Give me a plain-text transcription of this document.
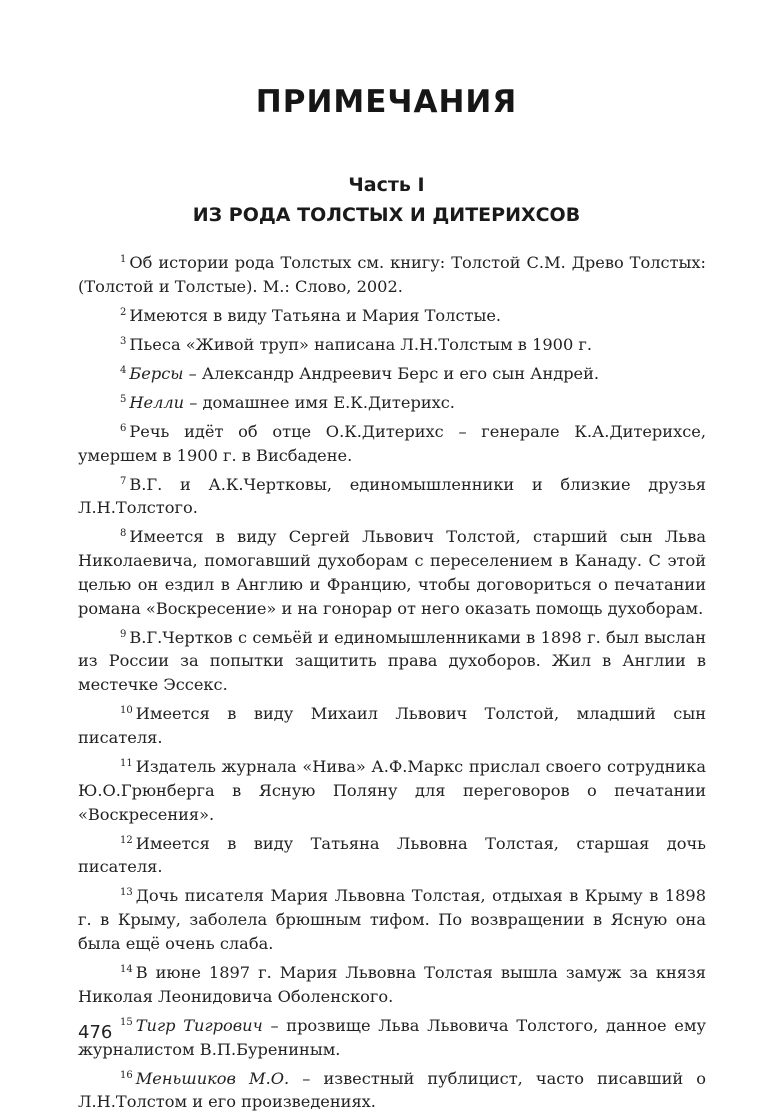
ПРИМЕЧАНИЯ
Часть I
ИЗ РОДА ТОЛСТЫХ И ДИТЕРИХСОВ

$^1$ Об истории рода Толстых см. книгу: Толстой С.М. Древо Толстых: (Толстой и Толстые). М.: Слово, 2002.

$^2$ Имеются в виду Татьяна и Мария Толстые.

$^3$ Пьеса «Живой труп» написана Л.Н.Толстым в 1900 г.

$^4$ Берсы – Александр Андреевич Берс и его сын Андрей.

$^5$ Нелли – домашнее имя Е.К.Дитерихс.

$^6$ Речь идёт об отце О.К.Дитерихс – генерале К.А.Дитерихсе, умершем в 1900 г. в Висбадене.

$^7$ В.Г. и А.К.Чертковы, единомышленники и близкие друзья Л.Н.Толстого.

$^8$ Имеется в виду Сергей Львович Толстой, старший сын Льва Николаевича, помогавший духоборам с переселением в Канаду. С этой целью он ездил в Англию и Францию, чтобы договориться о печатании романа «Воскресение» и на гонорар от него оказать помощь духоборам.

$^9$ В.Г.Чертков с семьёй и единомышленниками в 1898 г. был выслан из России за попытки защитить права духоборов. Жил в Англии в местечке Эссекс.

$^{10}$ Имеется в виду Михаил Львович Толстой, младший сын писателя.

$^{11}$ Издатель журнала «Нива» А.Ф.Маркс прислал своего сотрудника Ю.О.Грюнберга в Ясную Поляну для переговоров о печатании «Воскресения».

$^{12}$ Имеется в виду Татьяна Львовна Толстая, старшая дочь писателя.

$^{13}$ Дочь писателя Мария Львовна Толстая, отдыхая в Крыму в 1898 г. в Крыму, заболела брюшным тифом. По возвращении в Ясную она была ещё очень слаба.

$^{14}$ В июне 1897 г. Мария Львовна Толстая вышла замуж за князя Николая Леонидовича Оболенского.

$^{15}$ Тигр Тигрович – прозвище Льва Львовича Толстого, данное ему журналистом В.П.Бурениным.

$^{16}$ Меньшиков М.О. – известный публицист, часто писавший о Л.Н.Толстом и его произведениях.

476
